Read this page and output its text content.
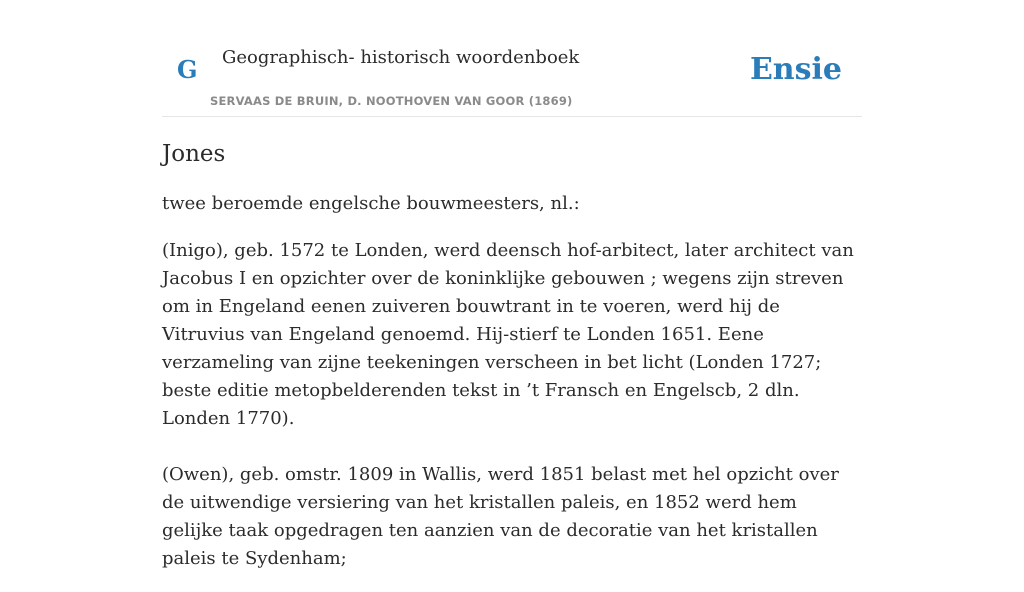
G Geographisch- historisch woordenboek
SERVAAS DE BRUIN, D. NOOTHOVEN VAN GOOR (1869)
Ensie
Jones

twee beroemde engelsche bouwmeesters, nl.:

(Inigo), geb. 1572 te Londen, werd deensch hof-arbitect, later architect van Jacobus I en opzichter over de koninklijke gebouwen ; wegens zijn streven om in Engeland eenen zuiveren bouwtrant in te voeren, werd hij de Vitruvius van Engeland genoemd. Hij-stierf te Londen 1651. Eene verzameling van zijne teekeningen verscheen in bet licht (Londen 1727; beste editie metopbelderenden tekst in ’t Fransch en Engelscb, 2 dln. Londen 1770).

(Owen), geb. omstr. 1809 in Wallis, werd 1851 belast met hel opzicht over de uitwendige versiering van het kristallen paleis, en 1852 werd hem gelijke taak opgedragen ten aanzien van de decoratie van het kristallen paleis te Sydenham;
